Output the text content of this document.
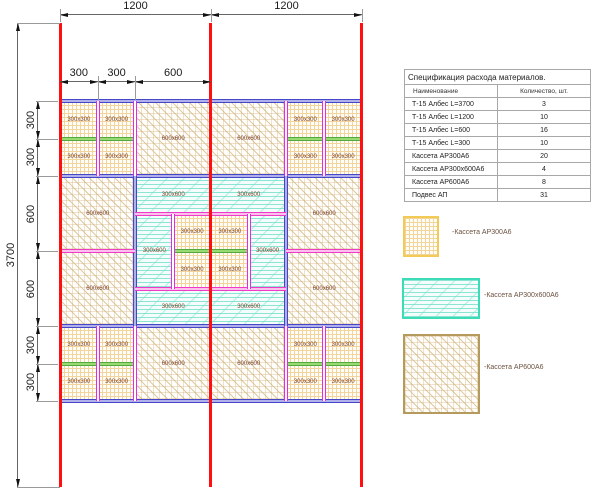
300x300 300x300
300x300 300x300
300x300 300x300
300x300 300x300
600x600	600x600
600x600	600x600
600x600	600x600
300x600	300x600
300x600	300x600
300x300 300x300
300x300 300x300
300x600	300x600
300x300 300x300
300x300 300x300
300x300 300x300
300x300 300x300
600x600	600x600
1200	1200
300	300	600
300
300
600
600
300
300
3700
Спецификация расхода материалов.	
Наименование	Количество, шт.
Т-15 Албес L=3700	3
Т-15 Албес L=1200	10
Т-15 Албес L=600	16
Т-15 Албес L=300	10
Кассета АР300А6	20
Кассета АР300х600А6	4
Кассета АР600А6	8
Подвес АП	31
-Кассета АР300А6
-Кассета АР300х600А6
-Кассета АР600А6
